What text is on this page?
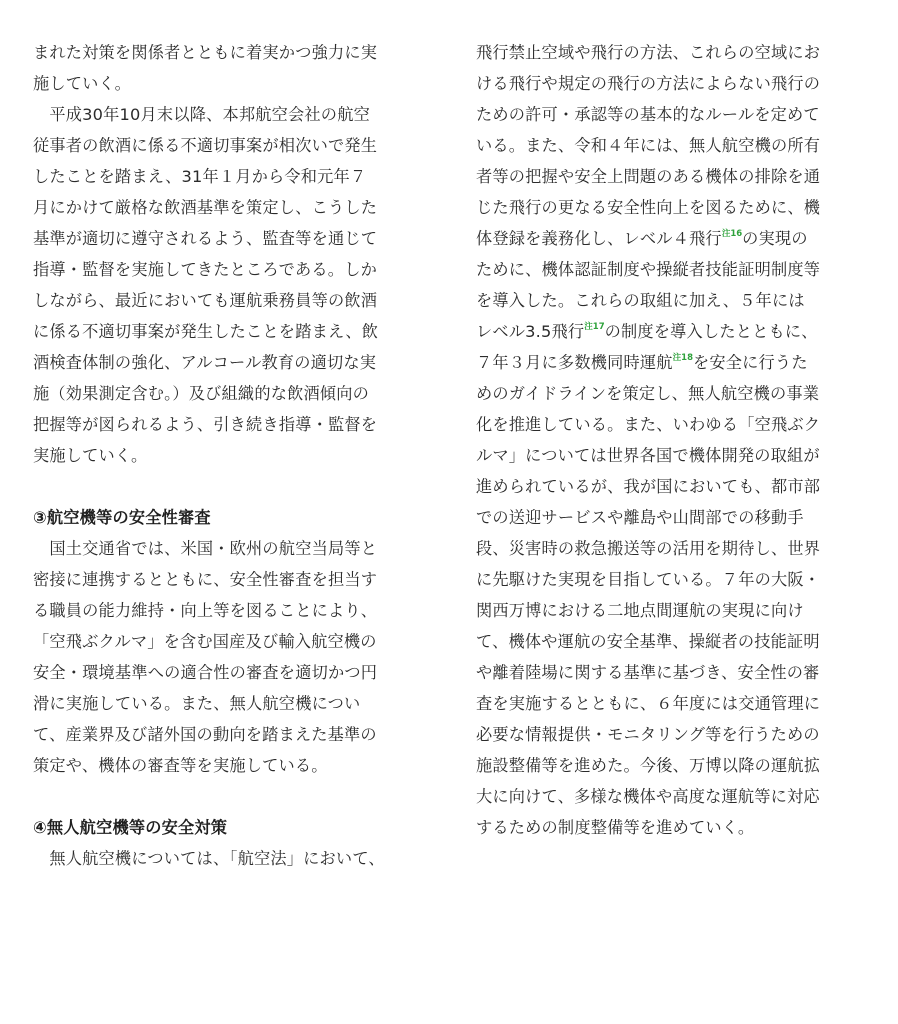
まれた対策を関係者とともに着実かつ強力に実
施していく。
　平成30年10月末以降、本邦航空会社の航空
従事者の飲酒に係る不適切事案が相次いで発生
したことを踏まえ、31年１月から令和元年７
月にかけて厳格な飲酒基準を策定し、こうした
基準が適切に遵守されるよう、監査等を通じて
指導・監督を実施してきたところである。しか
しながら、最近においても運航乗務員等の飲酒
に係る不適切事案が発生したことを踏まえ、飲
酒検査体制の強化、アルコール教育の適切な実
施（効果測定含む。）及び組織的な飲酒傾向の
把握等が図られるよう、引き続き指導・監督を
実施していく。
③航空機等の安全性審査
　国土交通省では、米国・欧州の航空当局等と
密接に連携するとともに、安全性審査を担当す
る職員の能力維持・向上等を図ることにより、
「空飛ぶクルマ」を含む国産及び輸入航空機の
安全・環境基準への適合性の審査を適切かつ円
滑に実施している。また、無人航空機につい
て、産業界及び諸外国の動向を踏まえた基準の
策定や、機体の審査等を実施している。
④無人航空機等の安全対策
　無人航空機については、「航空法」において、
飛行禁止空域や飛行の方法、これらの空域にお
ける飛行や規定の飛行の方法によらない飛行の
ための許可・承認等の基本的なルールを定めて
いる。また、令和４年には、無人航空機の所有
者等の把握や安全上問題のある機体の排除を通
じた飛行の更なる安全性向上を図るために、機
体登録を義務化し、レベル４飛行$^{注16}$の実現の
ために、機体認証制度や操縦者技能証明制度等
を導入した。これらの取組に加え、５年には
レベル3.5飛行$^{注17}$の制度を導入したとともに、
７年３月に多数機同時運航$^{注18}$を安全に行うた
めのガイドラインを策定し、無人航空機の事業
化を推進している。また、いわゆる「空飛ぶク
ルマ」については世界各国で機体開発の取組が
進められているが、我が国においても、都市部
での送迎サービスや離島や山間部での移動手
段、災害時の救急搬送等の活用を期待し、世界
に先駆けた実現を目指している。７年の大阪・
関西万博における二地点間運航の実現に向け
て、機体や運航の安全基準、操縦者の技能証明
や離着陸場に関する基準に基づき、安全性の審
査を実施するとともに、６年度には交通管理に
必要な情報提供・モニタリング等を行うための
施設整備等を進めた。今後、万博以降の運航拡
大に向けて、多様な機体や高度な運航等に対応
するための制度整備等を進めていく。
